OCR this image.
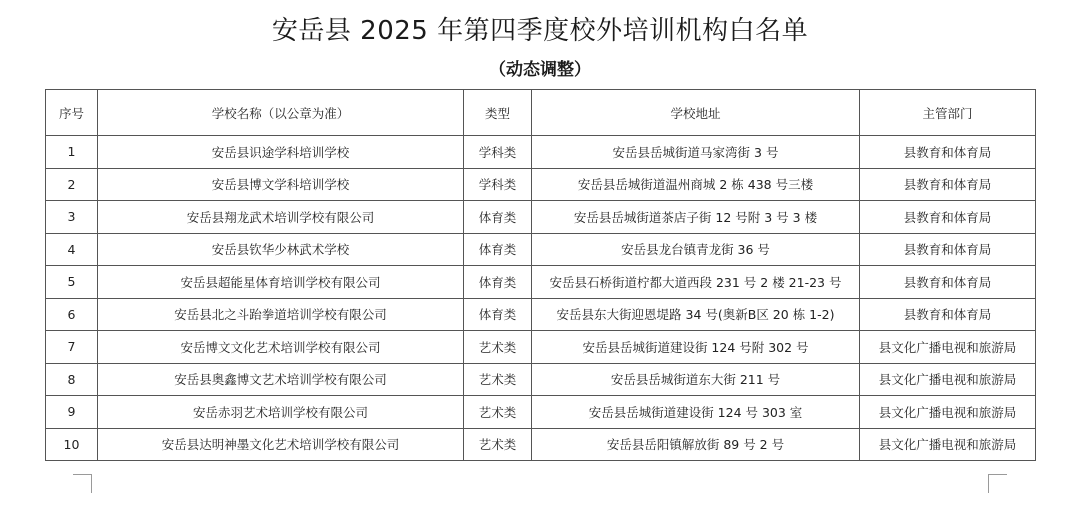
安岳县 2025 年第四季度校外培训机构白名单
（动态调整）
序号	学校名称（以公章为准）	类型	学校地址	主管部门
1	安岳县识途学科培训学校	学科类	安岳县岳城街道马家湾街 3 号	县教育和体育局
2	安岳县博文学科培训学校	学科类	安岳县岳城街道温州商城 2 栋 438 号三楼	县教育和体育局
3	安岳县翔龙武术培训学校有限公司	体育类	安岳县岳城街道茶店子街 12 号附 3 号 3 楼	县教育和体育局
4	安岳县钦华少林武术学校	体育类	安岳县龙台镇青龙街 36 号	县教育和体育局
5	安岳县超能星体育培训学校有限公司	体育类	安岳县石桥街道柠都大道西段 231 号 2 楼 21-23 号	县教育和体育局
6	安岳县北之斗跆拳道培训学校有限公司	体育类	安岳县东大街迎恩堤路 34 号(奥新B区 20 栋 1-2)	县教育和体育局
7	安岳博文文化艺术培训学校有限公司	艺术类	安岳县岳城街道建设街 124 号附 302 号	县文化广播电视和旅游局
8	安岳县奥鑫博文艺术培训学校有限公司	艺术类	安岳县岳城街道东大街 211 号	县文化广播电视和旅游局
9	安岳赤羽艺术培训学校有限公司	艺术类	安岳县岳城街道建设街 124 号 303 室	县文化广播电视和旅游局
10	安岳县达明神墨文化艺术培训学校有限公司	艺术类	安岳县岳阳镇解放街 89 号 2 号	县文化广播电视和旅游局
